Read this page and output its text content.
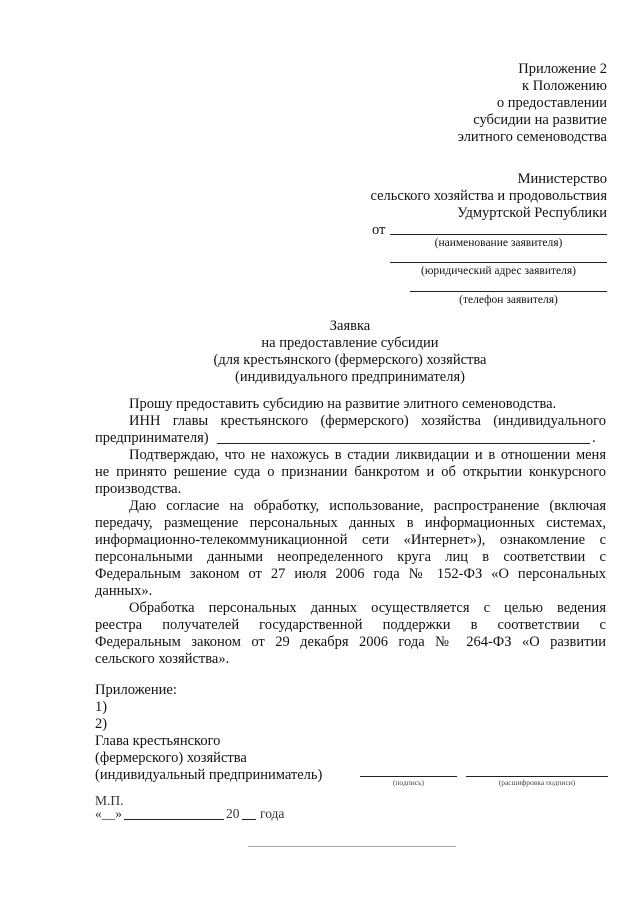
Приложение 2
к Положению
о предоставлении
субсидии на развитие
элитного семеноводства
Министерство
сельского хозяйства и продовольствия
Удмуртской Республики
от
(наименование заявителя)
(юридический адрес заявителя)
(телефон заявителя)
Заявка
на предоставление субсидии
(для крестьянского (фермерского) хозяйства
(индивидуального предпринимателя)
Прошу предоставить субсидию на развитие элитного семеноводства.
ИНН главы крестьянского (фермерского) хозяйства (индивидуального
предпринимателя)	.
Подтверждаю, что не нахожусь в стадии ликвидации и в отношении меня
не принято решение суда о признании банкротом и об открытии конкурсного
производства.
Даю согласие на обработку, использование, распространение (включая
передачу, размещение персональных данных в информационных системах,
информационно-телекоммуникационной сети «Интернет»), ознакомление с
персональными данными неопределенного круга лиц в соответствии с
Федеральным законом от 27 июля 2006 года № 152-ФЗ «О персональных
данных».
Обработка персональных данных осуществляется с целью ведения
реестра получателей государственной поддержки в соответствии с
Федеральным законом от 29 декабря 2006 года № 264-ФЗ «О развитии
сельского хозяйства».
Приложение:
1)
2)
Глава крестьянского
(фермерского) хозяйства
(индивидуальный предприниматель)	(подпись)	(расшифровка подписи)
М.П.
«__»	20 года
